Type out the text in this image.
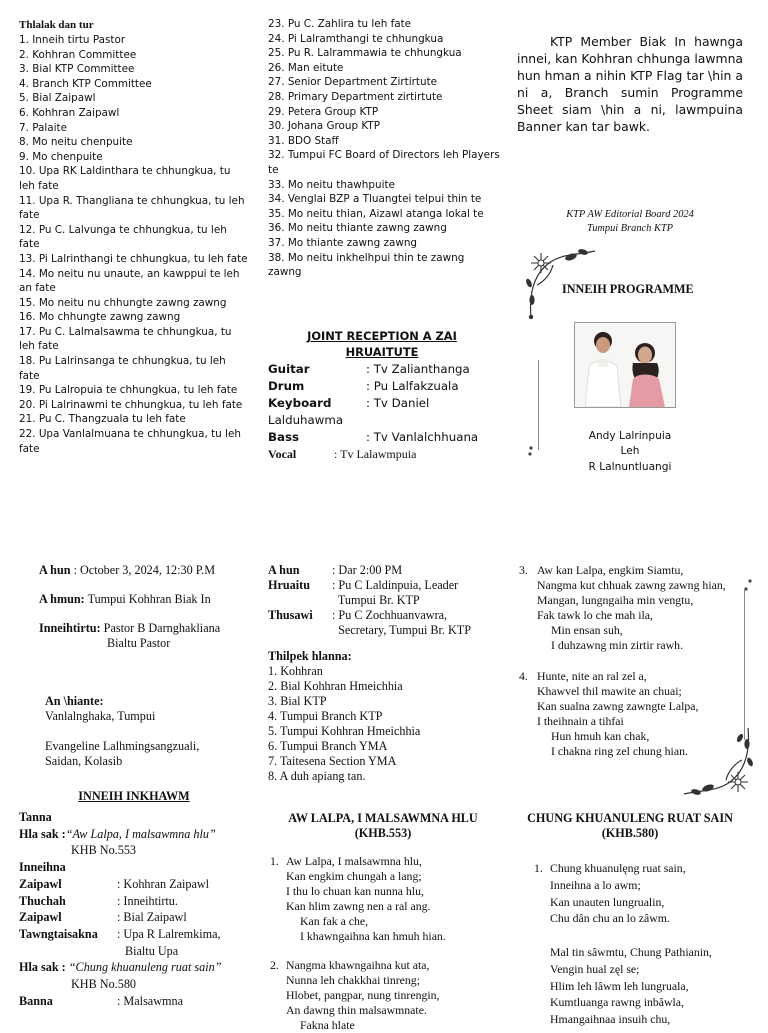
Thlalak dan tur
1. Inneih tirtu Pastor
2. Kohhran Committee
3. Bial KTP Committee
4. Branch KTP Committee
5. Bial Zaipawl
6. Kohhran Zaipawl
7. Palaite
8. Mo neitu chenpuite
9. Mo chenpuite
10. Upa RK Laldinthara te chhungkua, tu leh fate
11. Upa R. Thangliana te chhungkua, tu leh fate
12. Pu C. Lalvunga te chhungkua, tu leh fate
13. Pi Lalrinthangi te chhungkua, tu leh fate
14. Mo neitu nu unaute, an kawppui te leh an fate
15. Mo neitu nu chhungte zawng zawng
16. Mo chhungte zawng zawng
17. Pu C. Lalmalsawma te chhungkua, tu leh fate
18. Pu Lalrinsanga te chhungkua, tu leh fate
19. Pu Lalropuia te chhungkua, tu leh fate
20. Pi Lalrinawmi te chhungkua, tu leh fate
21. Pu C. Thangzuala tu leh fate
22. Upa Vanlalmuana te chhungkua, tu leh fate
23. Pu C. Zahlira tu leh fate
24. Pi Lalramthangi te chhungkua
25. Pu R. Lalrammawia te chhungkua
26. Man eitute
27. Senior Department Zirtirtute
28. Primary Department zirtirtute
29. Petera Group KTP
30. Johana Group KTP
31. BDO Staff
32. Tumpui FC Board of Directors leh Players te
33. Mo neitu thawhpuite
34. Venglai BZP a Tluangtei telpui thin te
35. Mo neitu thian, Aizawl atanga lokal te
36. Mo neitu thiante zawng zawng
37. Mo thiante zawng zawng
38. Mo neitu inkhelhpui thin te zawng zawng
JOINT RECEPTION A ZAI HRUAITUTE
Guitar	: Tv Zalianthanga
Drum	: Pu Lalfakzuala
Keyboard	: Tv Daniel Lalduhawma
Bass	: Tv Vanlalchhuana
Vocal	: Tv Lalawmpuia
KTP Member Biak In hawnga innei, kan Kohhran chhunga lawmna hun hman a nihin KTP Flag tar \hin a ni a, Branch sumin Programme Sheet siam \hin a ni, lawmpuina Banner kan tar bawk.
KTP AW Editorial Board 2024
Tumpui Branch KTP
INNEIH PROGRAMME
Andy Lalrinpuia
Leh
R Lalnuntluangi
A hun : October 3, 2024, 12:30 P.M
A hmun: Tumpui Kohhran Biak In
Inneihtirtu: Pastor B Darnghakliana
Bialtu Pastor
An \hiante:
Vanlalnghaka, Tumpui
Evangeline Lalhmingsangzuali,
Saidan, Kolasib
INNEIH INKHAWM
Tanna
Hla sak :“Aw Lalpa, I malsawmna hlu”
KHB No.553
Inneihna
Zaipawl	: Kohhran Zaipawl
Thuchah	: Inneihtirtu.
Zaipawl	: Bial Zaipawl
Tawngtaisakna	: Upa R Lalremkima,
Bialtu Upa
Hla sak : “Chung khuanuleng ruat sain”
KHB No.580
Banna	: Malsawmna
A hun	: Dar 2:00 PM
Hruaitu	: Pu C Laldinpuia, Leader
Tumpui Br. KTP
Thusawi	: Pu C Zochhuanvawra,
Secretary, Tumpui Br. KTP
Thilpek hlanna:
1. Kohhran
2. Bial Kohhran Hmeichhia
3. Bial KTP
4. Tumpui Branch KTP
5. Tumpui Kohhran Hmeichhia
6. Tumpui Branch YMA
7. Taitesena Section YMA
8. A duh apiang tan.
AW LALPA, I MALSAWMNA HLU
(KHB.553)
1. Aw Lalpa, I malsawmna hlu,
Kan engkim chungah a lang;
I thu lo chuan kan nunna hlu,
Kan hlim zawng nen a ral ang.
Kan fak a che,
I khawngaihna kan hmuh hian.
2. Nangma khawngaihna kut ata,
Nunna leh chakkhai tinreng;
Hlobet, pangpar, nung tinrengin,
An dawng thin malsawmnate.
Fakna hlate
3. Aw kan Lalpa, engkim Siamtu,
Nangma kut chhuak zawng zawng hian,
Mangan, lungngaiha min vengtu,
Fak tawk lo che mah ila,
Min ensan suh,
I duhzawng min zirtir rawh.
4. Hunte, nite an ral zel a,
Khawvel thil mawite an chuai;
Kan sualna zawng zawngte Lalpa,
I theihnain a tihfai
Hun hmuh kan chak,
I chakna ring zel chung hian.
CHUNG KHUANULENG RUAT SAIN
(KHB.580)
1. Chung khuanulęng ruat sain,
Inneihna a lo awm;
Kan unauten lungrualin,
Chu dân chu an lo zâwm.
Mal tin sâwmtu, Chung Pathianin,
Vengin hual zęl se;
Hlim leh lâwm leh lungruala,
Kumtluanga rawng inbâwla,
Hmangaihnaa insuih chu,
